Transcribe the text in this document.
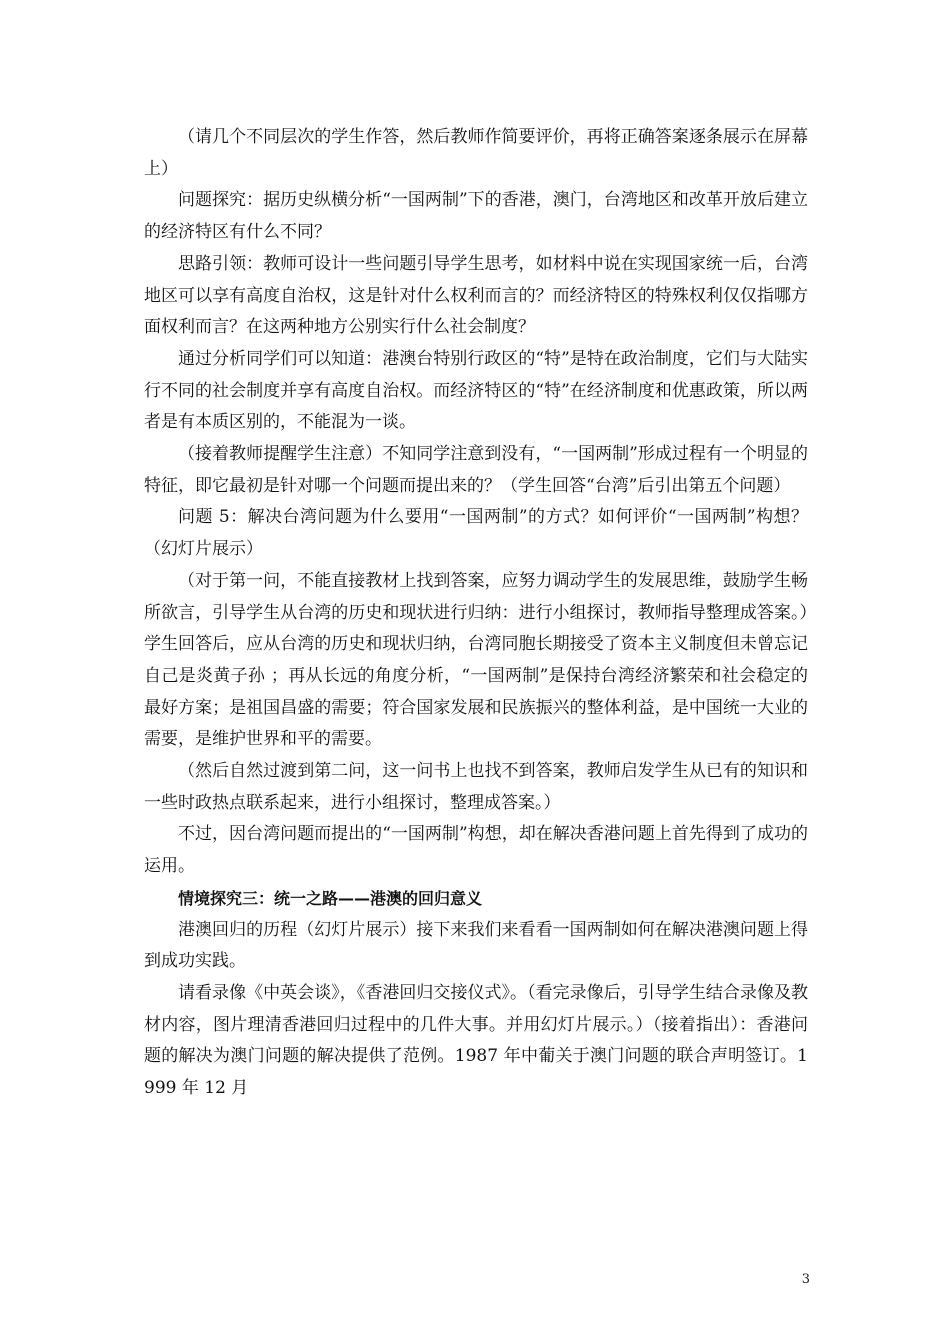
（请几个不同层次的学生作答，然后教师作简要评价，再将正确答案逐条展示在屏幕上）

问题探究：据历史纵横分析“一国两制”下的香港，澳门，台湾地区和改革开放后建立的经济特区有什么不同？

思路引领：教师可设计一些问题引导学生思考，如材料中说在实现国家统一后，台湾地区可以享有高度自治权，这是针对什么权利而言的？而经济特区的特殊权利仅仅指哪方面权利而言？在这两种地方公别实行什么社会制度？

通过分析同学们可以知道：港澳台特别行政区的“特”是特在政治制度，它们与大陆实行不同的社会制度并享有高度自治权。而经济特区的“特”在经济制度和优惠政策，所以两者是有本质区别的，不能混为一谈。

（接着教师提醒学生注意）不知同学注意到没有，“一国两制”形成过程有一个明显的特征，即它最初是针对哪一个问题而提出来的？（学生回答“台湾”后引出第五个问题）

问题 5：解决台湾问题为什么要用“一国两制”的方式？如何评价“一国两制”构想？（幻灯片展示）

（对于第一问，不能直接教材上找到答案，应努力调动学生的发展思维，鼓励学生畅所欲言，引导学生从台湾的历史和现状进行归纳：进行小组探讨，教师指导整理成答案。）学生回答后，应从台湾的历史和现状归纳，台湾同胞长期接受了资本主义制度但未曾忘记自己是炎黄子孙 ；再从长远的角度分析，“一国两制”是保持台湾经济繁荣和社会稳定的最好方案；是祖国昌盛的需要；符合国家发展和民族振兴的整体利益，是中国统一大业的需要，是维护世界和平的需要。

（然后自然过渡到第二问，这一问书上也找不到答案，教师启发学生从已有的知识和一些时政热点联系起来，进行小组探讨，整理成答案。）

不过，因台湾问题而提出的“一国两制”构想，却在解决香港问题上首先得到了成功的运用。

情境探究三：统一之路——港澳的回归意义

港澳回归的历程（幻灯片展示）接下来我们来看看一国两制如何在解决港澳问题上得到成功实践。

请看录像《中英会谈》，《香港回归交接仪式》。（看完录像后，引导学生结合录像及教材内容，图片理清香港回归过程中的几件大事。并用幻灯片展示。）（接着指出）：香港问题的解决为澳门问题的解决提供了范例。1987 年中葡关于澳门问题的联合声明签订。1999 年 12 月

3
